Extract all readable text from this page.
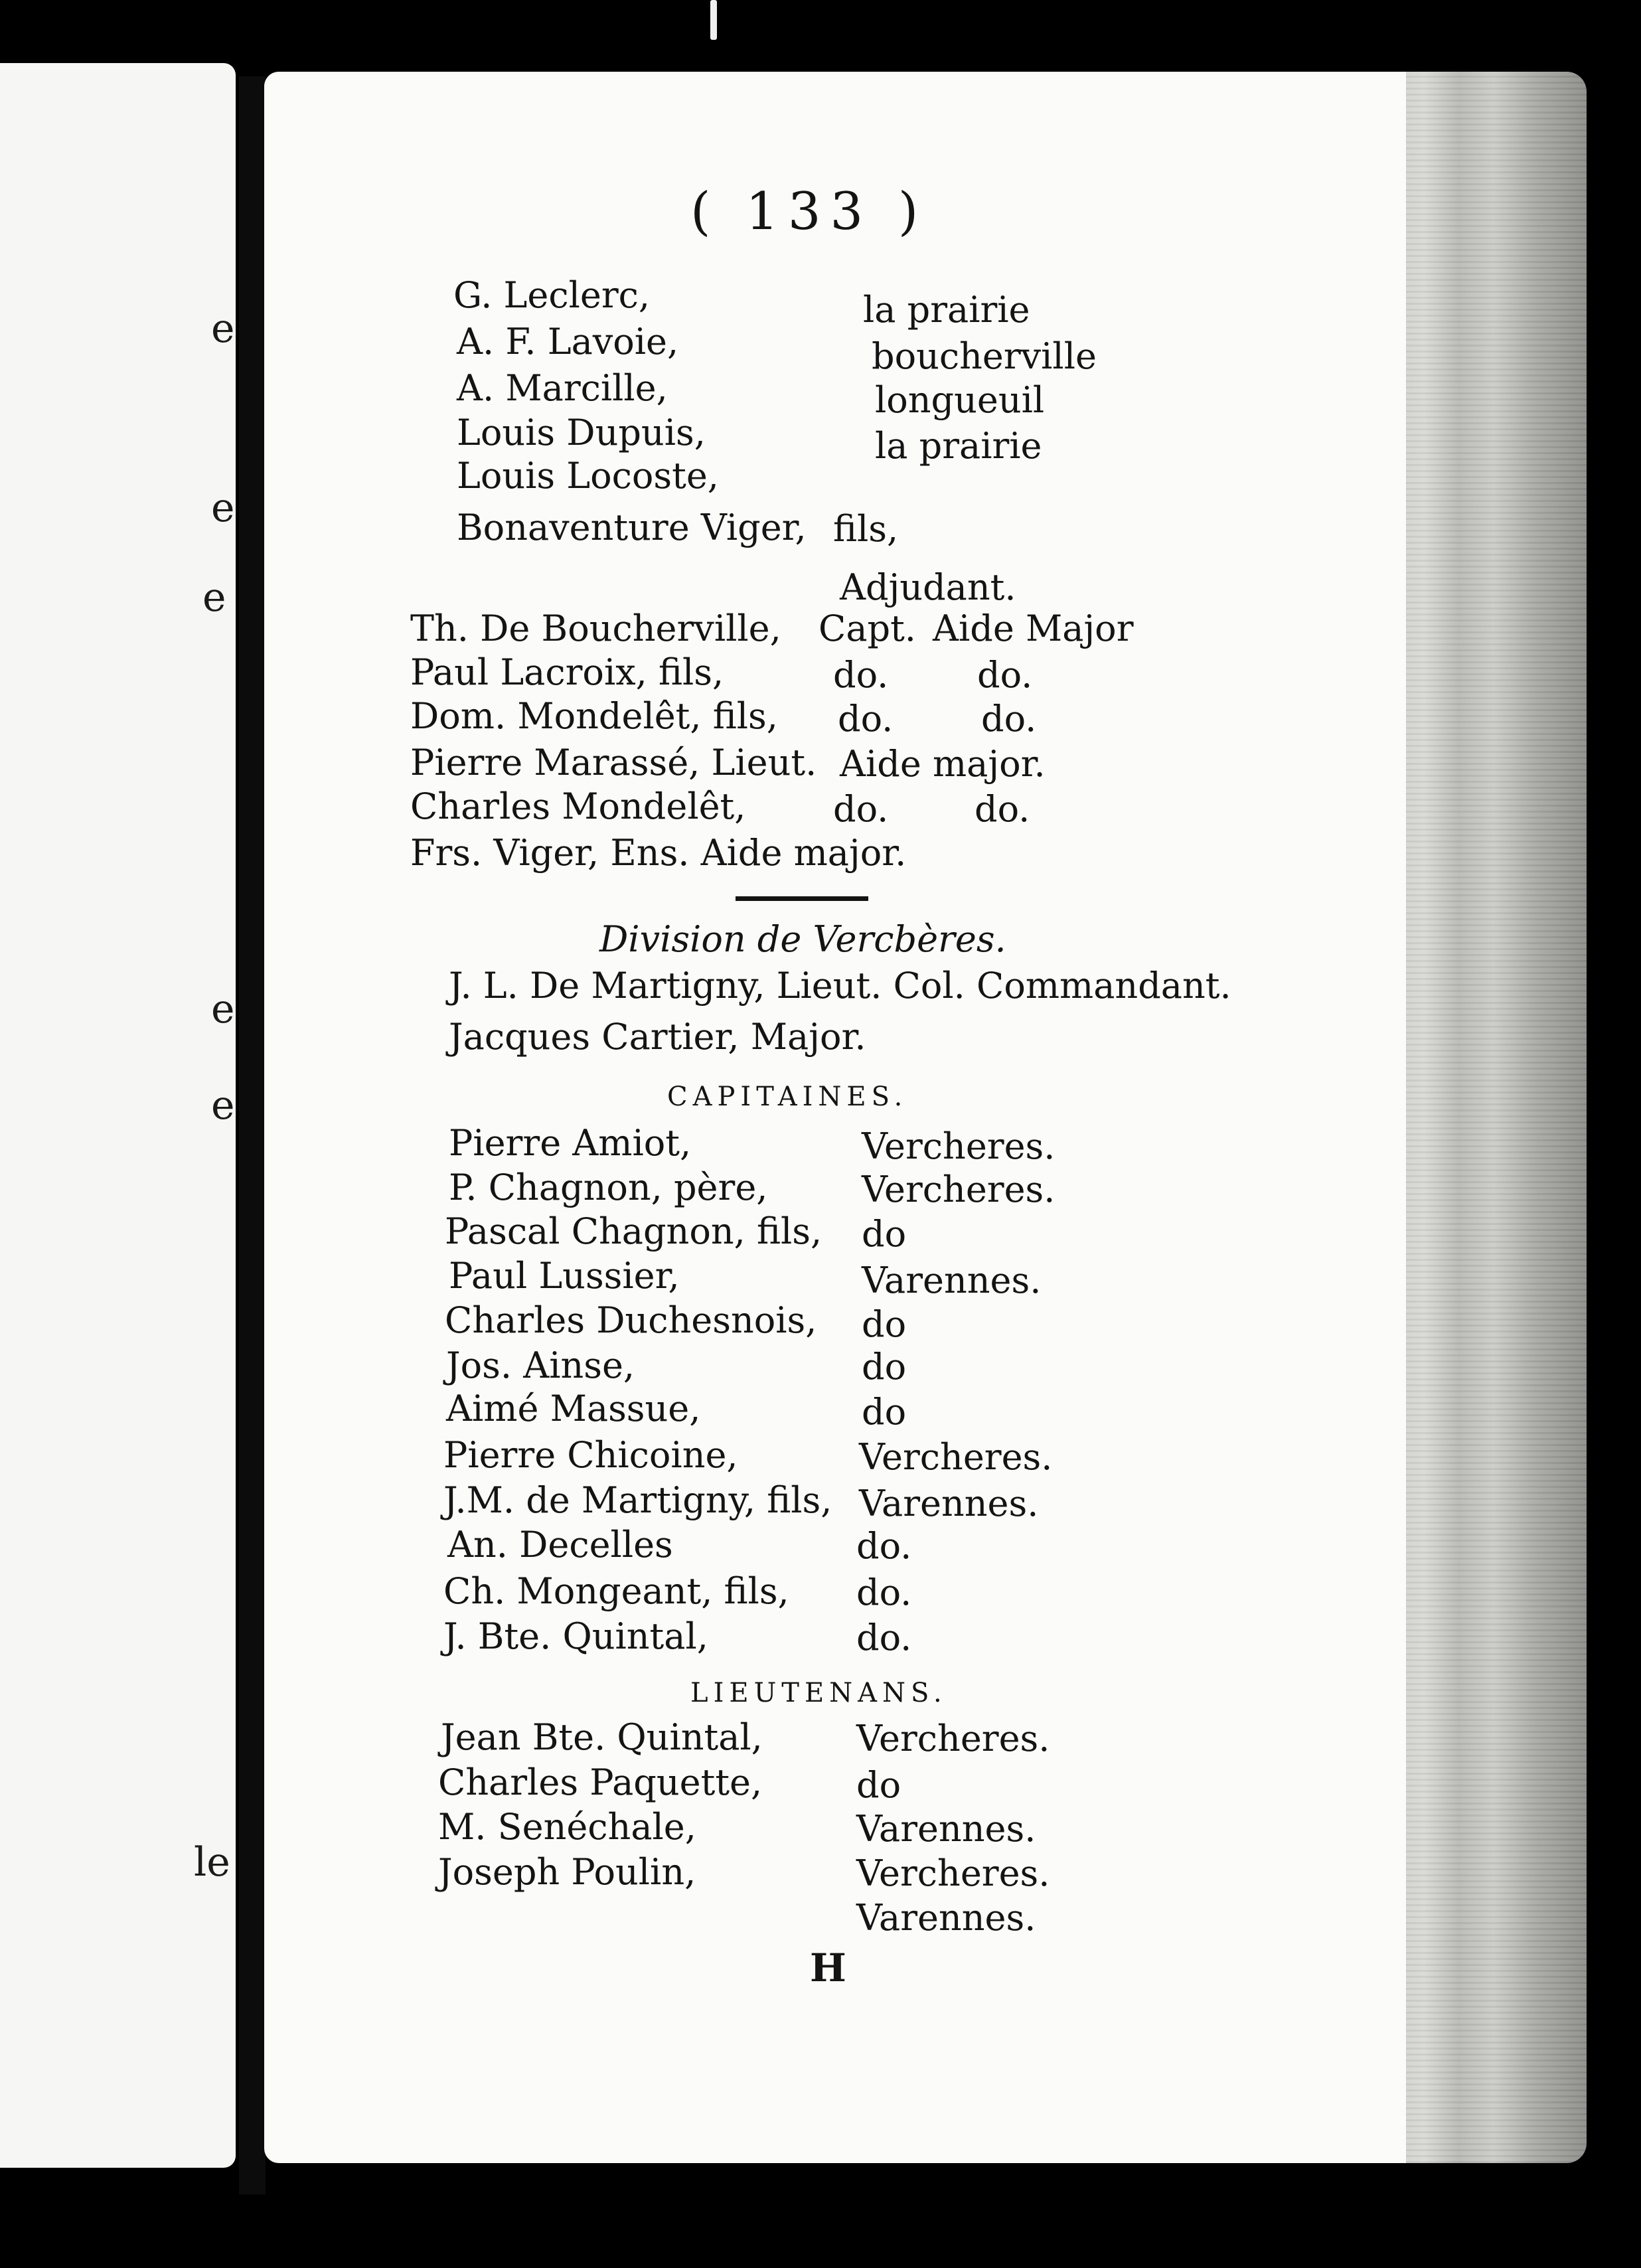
e
e
e
e
e
le
( 133 )
G. Leclerc,	la prairie
A. F. Lavoie,	boucherville
A. Marcille,	longueuil
Louis Dupuis,	la prairie
Louis Locoste,
Bonaventure Viger, fils,
Adjudant.
Th. De Boucherville, Capt. Aide Major
Paul Lacroix, fils,	do. do.
Dom. Mondelêt, fils, do. do.
Pierre Marassé, Lieut. Aide major.
Charles Mondelêt, do. do.
Frs. Viger, Ens. Aide major.
Division de Vercbères.
J. L. De Martigny, Lieut. Col. Commandant.
Jacques Cartier, Major.
CAPITAINES.
Pierre Amiot,	Vercheres.
P. Chagnon, père,	Vercheres.
Pascal Chagnon, fils, do
Paul Lussier,	Varennes.
Charles Duchesnois, do
Jos. Ainse,	do
Aimé Massue,	do
Pierre Chicoine,	Vercheres.
J.M. de Martigny, fils, Varennes.
An. Decelles	do.
Ch. Mongeant, fils, do.
J. Bte. Quintal,	do.
LIEUTENANS.
Jean Bte. Quintal,	Vercheres.
Charles Paquette,	do
M. Senéchale,	Varennes.
Joseph Poulin,	Vercheres.
Varennes.
H
